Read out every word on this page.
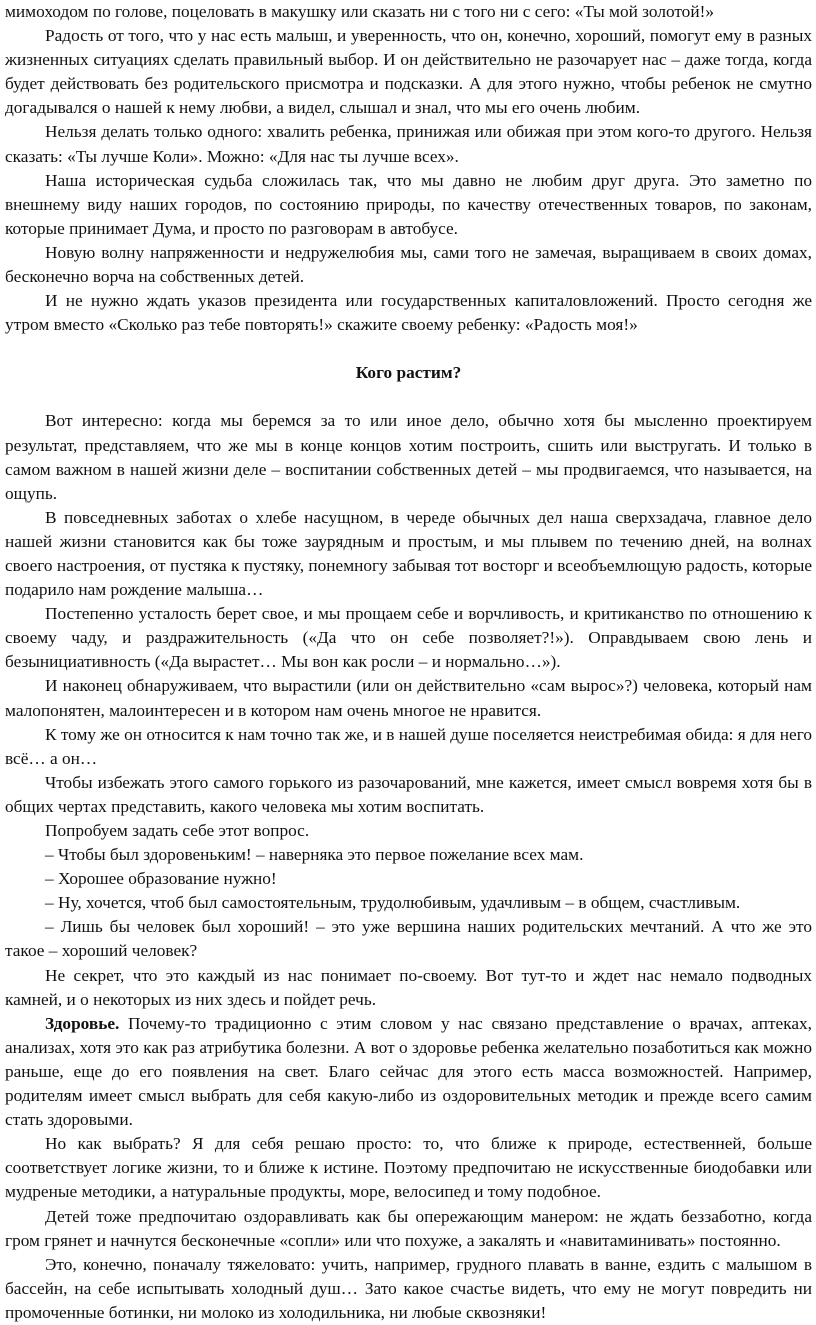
мимоходом по голове, поцеловать в макушку или сказать ни с того ни с сего: «Ты мой золотой!»

Радость от того, что у нас есть малыш, и уверенность, что он, конечно, хороший, помогут ему в разных жизненных ситуациях сделать правильный выбор. И он действительно не разочарует нас – даже тогда, когда будет действовать без родительского присмотра и подсказки. А для этого нужно, чтобы ребенок не смутно догадывался о нашей к нему любви, а видел, слышал и знал, что мы его очень любим.

Нельзя делать только одного: хвалить ребенка, принижая или обижая при этом кого-то другого. Нельзя сказать: «Ты лучше Коли». Можно: «Для нас ты лучше всех».

Наша историческая судьба сложилась так, что мы давно не любим друг друга. Это заметно по внешнему виду наших городов, по состоянию природы, по качеству отечественных товаров, по законам, которые принимает Дума, и просто по разговорам в автобусе.

Новую волну напряженности и недружелюбия мы, сами того не замечая, выращиваем в своих домах, бесконечно ворча на собственных детей.

И не нужно ждать указов президента или государственных капиталовложений. Просто сегодня же утром вместо «Сколько раз тебе повторять!» скажите своему ребенку: «Радость моя!»

Кого растим?

Вот интересно: когда мы беремся за то или иное дело, обычно хотя бы мысленно проектируем результат, представляем, что же мы в конце концов хотим построить, сшить или выстругать. И только в самом важном в нашей жизни деле – воспитании собственных детей – мы продвигаемся, что называется, на ощупь.

В повседневных заботах о хлебе насущном, в череде обычных дел наша сверхзадача, главное дело нашей жизни становится как бы тоже заурядным и простым, и мы плывем по течению дней, на волнах своего настроения, от пустяка к пустяку, понемногу забывая тот восторг и всеобъемлющую радость, которые подарило нам рождение малыша…

Постепенно усталость берет свое, и мы прощаем себе и ворчливость, и критиканство по отношению к своему чаду, и раздражительность («Да что он себе позволяет?!»). Оправдываем свою лень и безынициативность («Да вырастет… Мы вон как росли – и нормально…»).

И наконец обнаруживаем, что вырастили (или он действительно «сам вырос»?) человека, который нам малопонятен, малоинтересен и в котором нам очень многое не нравится.

К тому же он относится к нам точно так же, и в нашей душе поселяется неистребимая обида: я для него всё… а он…

Чтобы избежать этого самого горького из разочарований, мне кажется, имеет смысл вовремя хотя бы в общих чертах представить, какого человека мы хотим воспитать.

Попробуем задать себе этот вопрос.

– Чтобы был здоровеньким! – наверняка это первое пожелание всех мам.

– Хорошее образование нужно!

– Ну, хочется, чтоб был самостоятельным, трудолюбивым, удачливым – в общем, счастливым.

– Лишь бы человек был хороший! – это уже вершина наших родительских мечтаний. А что же это такое – хороший человек?

Не секрет, что это каждый из нас понимает по-своему. Вот тут-то и ждет нас немало подводных камней, и о некоторых из них здесь и пойдет речь.

Здоровье. Почему-то традиционно с этим словом у нас связано представление о врачах, аптеках, анализах, хотя это как раз атрибутика болезни. А вот о здоровье ребенка желательно позаботиться как можно раньше, еще до его появления на свет. Благо сейчас для этого есть масса возможностей. Например, родителям имеет смысл выбрать для себя какую-либо из оздоровительных методик и прежде всего самим стать здоровыми.

Но как выбрать? Я для себя решаю просто: то, что ближе к природе, естественней, больше соответствует логике жизни, то и ближе к истине. Поэтому предпочитаю не искусственные биодобавки или мудреные методики, а натуральные продукты, море, велосипед и тому подобное.

Детей тоже предпочитаю оздоравливать как бы опережающим манером: не ждать беззаботно, когда гром грянет и начнутся бесконечные «сопли» или что похуже, а закалять и «навитаминивать» постоянно.

Это, конечно, поначалу тяжеловато: учить, например, грудного плавать в ванне, ездить с малышом в бассейн, на себе испытывать холодный душ… Зато какое счастье видеть, что ему не могут повредить ни промоченные ботинки, ни молоко из холодильника, ни любые сквозняки!
